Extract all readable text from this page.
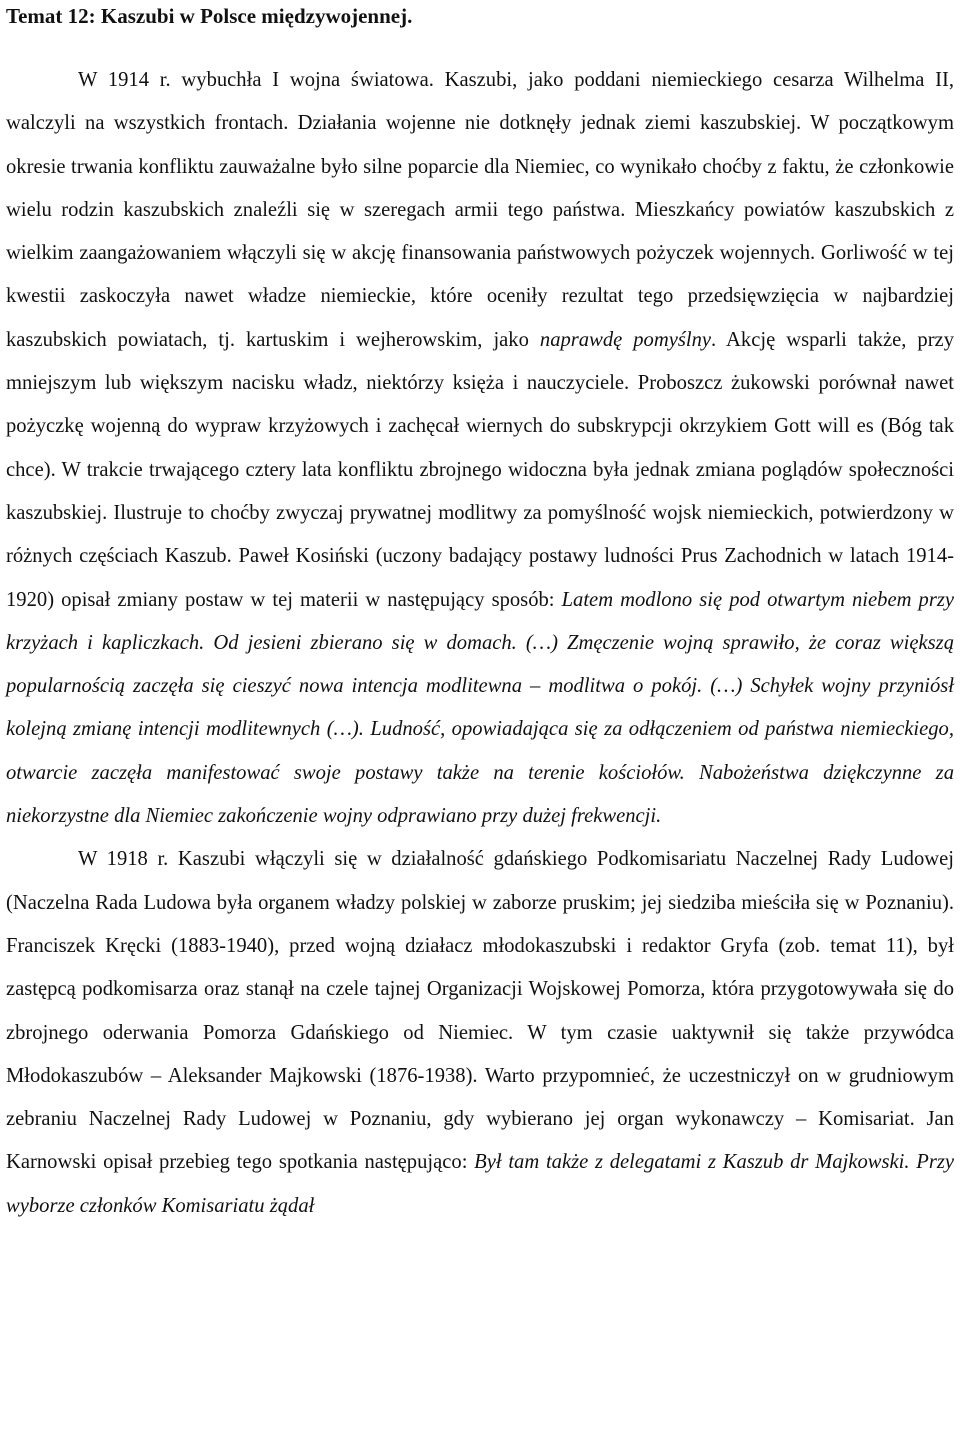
Temat 12: Kaszubi w Polsce międzywojennej.

W 1914 r. wybuchła I wojna światowa. Kaszubi, jako poddani niemieckiego cesarza Wilhelma II, walczyli na wszystkich frontach. Działania wojenne nie dotknęły jednak ziemi kaszubskiej. W początkowym okresie trwania konfliktu zauważalne było silne poparcie dla Niemiec, co wynikało choćby z faktu, że członkowie wielu rodzin kaszubskich znaleźli się w szeregach armii tego państwa. Mieszkańcy powiatów kaszubskich z wielkim zaangażowaniem włączyli się w akcję finansowania państwowych pożyczek wojennych. Gorliwość w tej kwestii zaskoczyła nawet władze niemieckie, które oceniły rezultat tego przedsięwzięcia w najbardziej kaszubskich powiatach, tj. kartuskim i wejherowskim, jako naprawdę pomyślny. Akcję wsparli także, przy mniejszym lub większym nacisku władz, niektórzy księża i nauczyciele. Proboszcz żukowski porównał nawet pożyczkę wojenną do wypraw krzyżowych i zachęcał wiernych do subskrypcji okrzykiem Gott will es (Bóg tak chce). W trakcie trwającego cztery lata konfliktu zbrojnego widoczna była jednak zmiana poglądów społeczności kaszubskiej. Ilustruje to choćby zwyczaj prywatnej modlitwy za pomyślność wojsk niemieckich, potwierdzony w różnych częściach Kaszub. Paweł Kosiński (uczony badający postawy ludności Prus Zachodnich w latach 1914-1920) opisał zmiany postaw w tej materii w następujący sposób: Latem modlono się pod otwartym niebem przy krzyżach i kapliczkach. Od jesieni zbierano się w domach. (…) Zmęczenie wojną sprawiło, że coraz większą popularnością zaczęła się cieszyć nowa intencja modlitewna – modlitwa o pokój. (…) Schyłek wojny przyniósł kolejną zmianę intencji modlitewnych (…). Ludność, opowiadająca się za odłączeniem od państwa niemieckiego, otwarcie zaczęła manifestować swoje postawy także na terenie kościołów. Nabożeństwa dziękczynne za niekorzystne dla Niemiec zakończenie wojny odprawiano przy dużej frekwencji.

W 1918 r. Kaszubi włączyli się w działalność gdańskiego Podkomisariatu Naczelnej Rady Ludowej (Naczelna Rada Ludowa była organem władzy polskiej w zaborze pruskim; jej siedziba mieściła się w Poznaniu). Franciszek Kręcki (1883-1940), przed wojną działacz młodokaszubski i redaktor Gryfa (zob. temat 11), był zastępcą podkomisarza oraz stanął na czele tajnej Organizacji Wojskowej Pomorza, która przygotowywała się do zbrojnego oderwania Pomorza Gdańskiego od Niemiec. W tym czasie uaktywnił się także przywódca Młodokaszubów – Aleksander Majkowski (1876-1938). Warto przypomnieć, że uczestniczył on w grudniowym zebraniu Naczelnej Rady Ludowej w Poznaniu, gdy wybierano jej organ wykonawczy – Komisariat. Jan Karnowski opisał przebieg tego spotkania następująco: Był tam także z delegatami z Kaszub dr Majkowski. Przy wyborze członków Komisariatu żądał
